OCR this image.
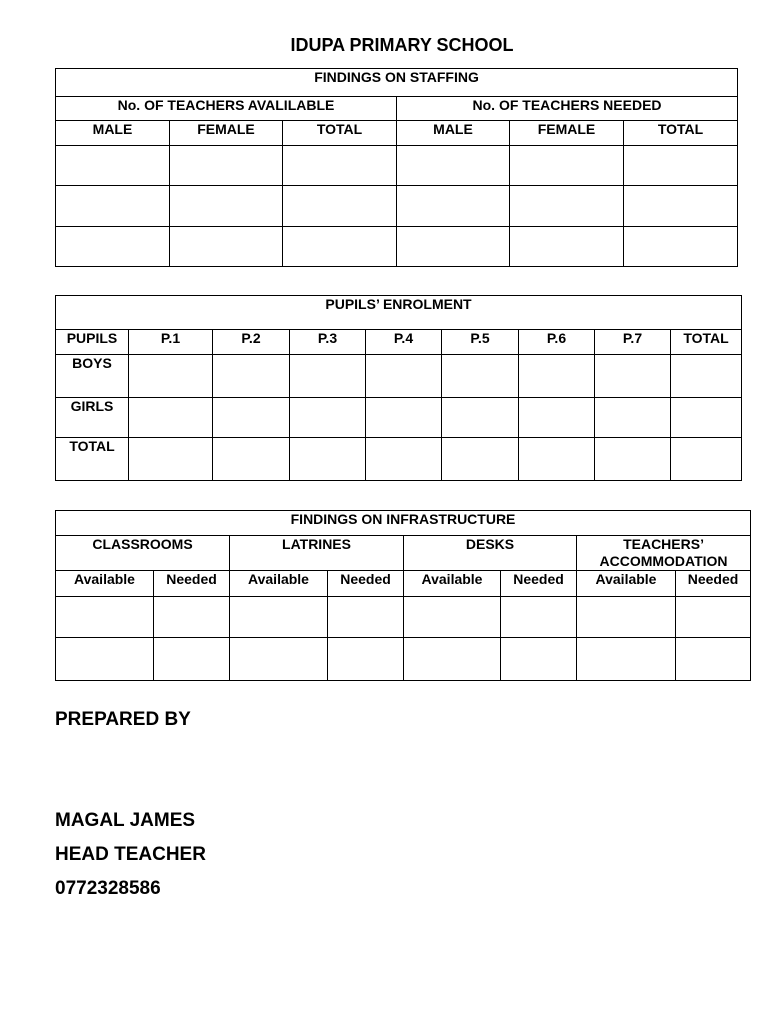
IDUPA PRIMARY SCHOOL
FINDINGS ON STAFFING					
No. OF TEACHERS AVALILABLE			No. OF TEACHERS NEEDED		
MALE	FEMALE	TOTAL	MALE	FEMALE	TOTAL

PUPILS’ ENROLMENT								
PUPILS	P.1	P.2	P.3	P.4	P.5	P.6	P.7	TOTAL
BOYS								
GIRLS								
TOTAL								
FINDINGS ON INFRASTRUCTURE							
CLASSROOMS		LATRINES		DESKS		TEACHERS’ ACCOMMODATION	
Available	Needed	Available	Needed	Available	Needed	Available	Needed

PREPARED BY
MAGAL JAMES
HEAD TEACHER
0772328586
